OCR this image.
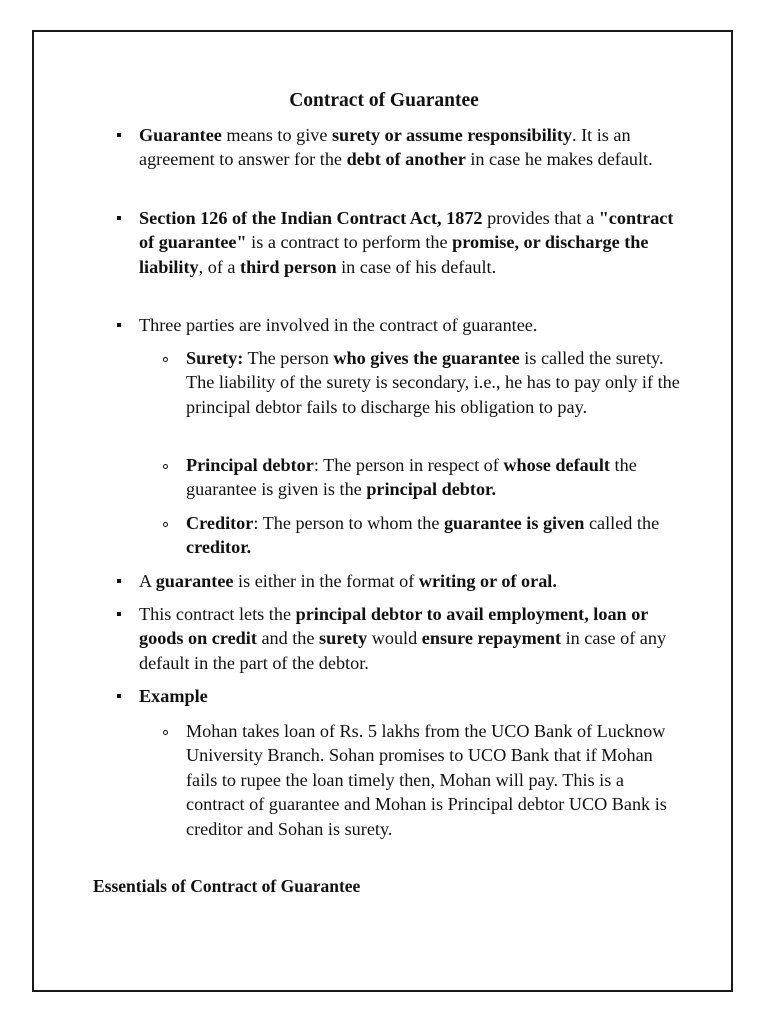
Contract of Guarantee

Guarantee means to give surety or assume responsibility. It is an agreement to answer for the debt of another in case he makes default.

Section 126 of the Indian Contract Act, 1872 provides that a "contract of guarantee" is a contract to perform the promise, or discharge the liability, of a third person in case of his default.

Three parties are involved in the contract of guarantee.

Surety: The person who gives the guarantee is called the surety. The liability of the surety is secondary, i.e., he has to pay only if the principal debtor fails to discharge his obligation to pay.

Principal debtor: The person in respect of whose default the guarantee is given is the principal debtor.

Creditor: The person to whom the guarantee is given called the creditor.

A guarantee is either in the format of writing or of oral.

This contract lets the principal debtor to avail employment, loan or goods on credit and the surety would ensure repayment in case of any default in the part of the debtor.

Example

Mohan takes loan of Rs. 5 lakhs from the UCO Bank of Lucknow University Branch. Sohan promises to UCO Bank that if Mohan fails to rupee the loan timely then, Mohan will pay. This is a contract of guarantee and Mohan is Principal debtor UCO Bank is creditor and Sohan is surety.

Essentials of Contract of Guarantee
